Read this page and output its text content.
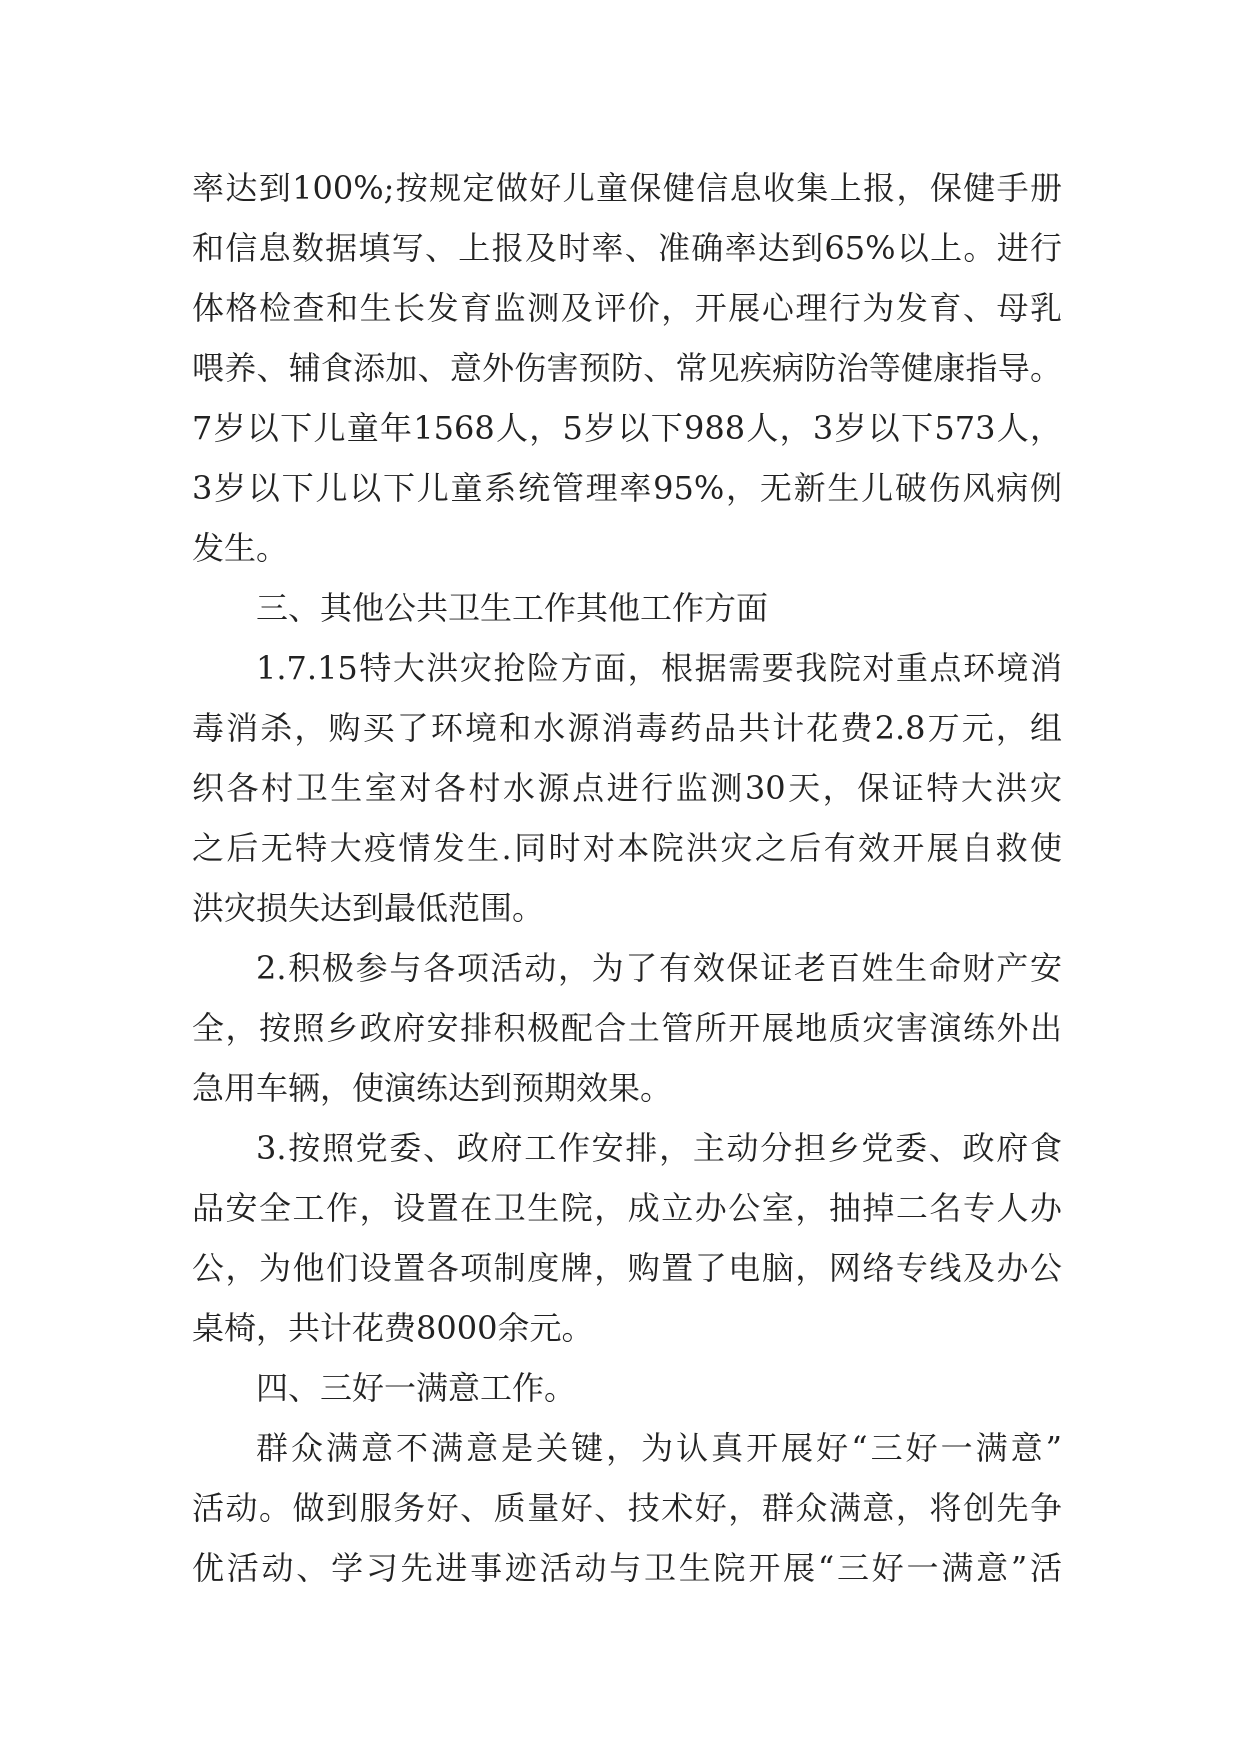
率达到100%;按规定做好儿童保健信息收集上报，保健手册
和信息数据填写、上报及时率、准确率达到65%以上。进行
体格检查和生长发育监测及评价，开展心理行为发育、母乳
喂养、辅食添加、意外伤害预防、常见疾病防治等健康指导。
7岁以下儿童年1568人，5岁以下988人，3岁以下573人，
3岁以下儿以下儿童系统管理率95%，无新生儿破伤风病例
发生。
三、其他公共卫生工作其他工作方面
1.7.15特大洪灾抢险方面，根据需要我院对重点环境消
毒消杀，购买了环境和水源消毒药品共计花费2.8万元，组
织各村卫生室对各村水源点进行监测30天，保证特大洪灾
之后无特大疫情发生.同时对本院洪灾之后有效开展自救使
洪灾损失达到最低范围。
2.积极参与各项活动，为了有效保证老百姓生命财产安
全，按照乡政府安排积极配合土管所开展地质灾害演练外出
急用车辆，使演练达到预期效果。
3.按照党委、政府工作安排，主动分担乡党委、政府食
品安全工作，设置在卫生院，成立办公室，抽掉二名专人办
公，为他们设置各项制度牌，购置了电脑，网络专线及办公
桌椅，共计花费8000余元。
四、三好一满意工作。
群众满意不满意是关键，为认真开展好“三好一满意”
活动。做到服务好、质量好、技术好，群众满意，将创先争
优活动、学习先进事迹活动与卫生院开展“三好一满意”活
